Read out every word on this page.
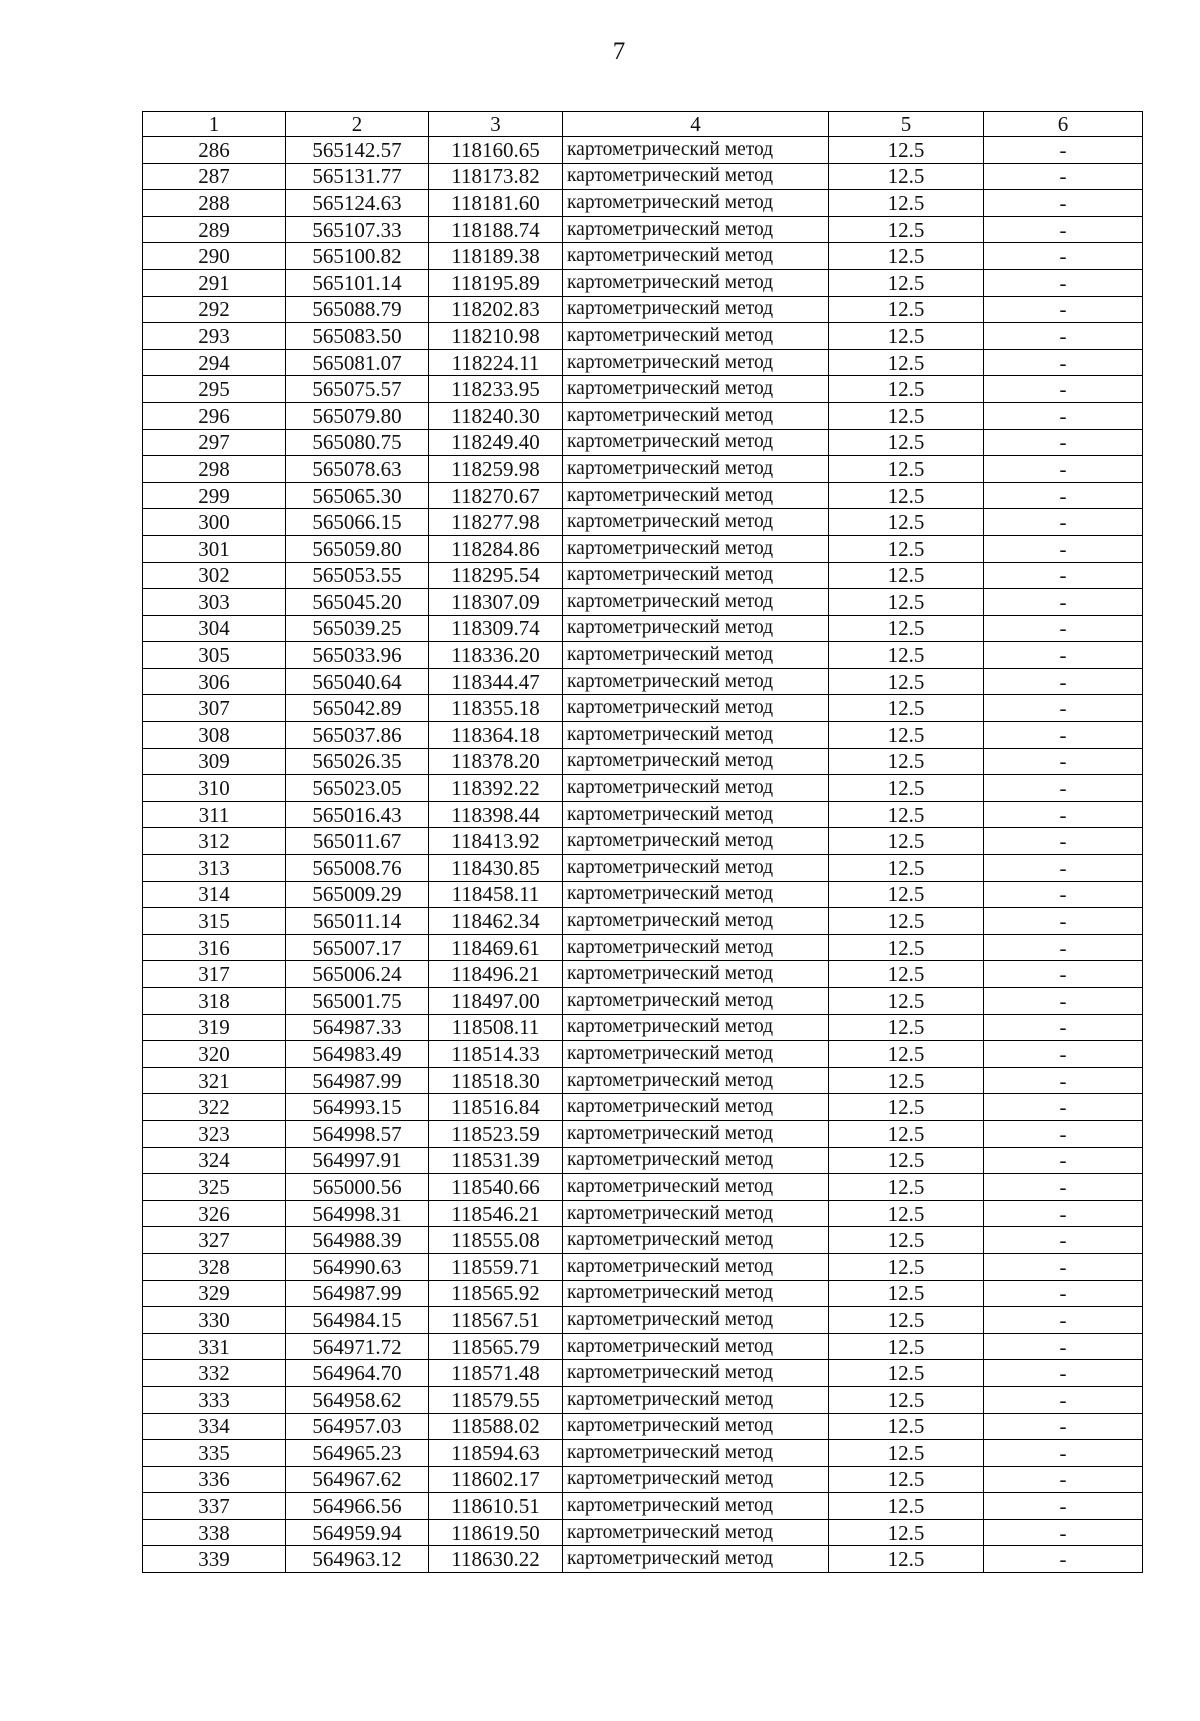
7
1	2	3	4	5	6
286	565142.57	118160.65	картометрический метод	12.5	-
287	565131.77	118173.82	картометрический метод	12.5	-
288	565124.63	118181.60	картометрический метод	12.5	-
289	565107.33	118188.74	картометрический метод	12.5	-
290	565100.82	118189.38	картометрический метод	12.5	-
291	565101.14	118195.89	картометрический метод	12.5	-
292	565088.79	118202.83	картометрический метод	12.5	-
293	565083.50	118210.98	картометрический метод	12.5	-
294	565081.07	118224.11	картометрический метод	12.5	-
295	565075.57	118233.95	картометрический метод	12.5	-
296	565079.80	118240.30	картометрический метод	12.5	-
297	565080.75	118249.40	картометрический метод	12.5	-
298	565078.63	118259.98	картометрический метод	12.5	-
299	565065.30	118270.67	картометрический метод	12.5	-
300	565066.15	118277.98	картометрический метод	12.5	-
301	565059.80	118284.86	картометрический метод	12.5	-
302	565053.55	118295.54	картометрический метод	12.5	-
303	565045.20	118307.09	картометрический метод	12.5	-
304	565039.25	118309.74	картометрический метод	12.5	-
305	565033.96	118336.20	картометрический метод	12.5	-
306	565040.64	118344.47	картометрический метод	12.5	-
307	565042.89	118355.18	картометрический метод	12.5	-
308	565037.86	118364.18	картометрический метод	12.5	-
309	565026.35	118378.20	картометрический метод	12.5	-
310	565023.05	118392.22	картометрический метод	12.5	-
311	565016.43	118398.44	картометрический метод	12.5	-
312	565011.67	118413.92	картометрический метод	12.5	-
313	565008.76	118430.85	картометрический метод	12.5	-
314	565009.29	118458.11	картометрический метод	12.5	-
315	565011.14	118462.34	картометрический метод	12.5	-
316	565007.17	118469.61	картометрический метод	12.5	-
317	565006.24	118496.21	картометрический метод	12.5	-
318	565001.75	118497.00	картометрический метод	12.5	-
319	564987.33	118508.11	картометрический метод	12.5	-
320	564983.49	118514.33	картометрический метод	12.5	-
321	564987.99	118518.30	картометрический метод	12.5	-
322	564993.15	118516.84	картометрический метод	12.5	-
323	564998.57	118523.59	картометрический метод	12.5	-
324	564997.91	118531.39	картометрический метод	12.5	-
325	565000.56	118540.66	картометрический метод	12.5	-
326	564998.31	118546.21	картометрический метод	12.5	-
327	564988.39	118555.08	картометрический метод	12.5	-
328	564990.63	118559.71	картометрический метод	12.5	-
329	564987.99	118565.92	картометрический метод	12.5	-
330	564984.15	118567.51	картометрический метод	12.5	-
331	564971.72	118565.79	картометрический метод	12.5	-
332	564964.70	118571.48	картометрический метод	12.5	-
333	564958.62	118579.55	картометрический метод	12.5	-
334	564957.03	118588.02	картометрический метод	12.5	-
335	564965.23	118594.63	картометрический метод	12.5	-
336	564967.62	118602.17	картометрический метод	12.5	-
337	564966.56	118610.51	картометрический метод	12.5	-
338	564959.94	118619.50	картометрический метод	12.5	-
339	564963.12	118630.22	картометрический метод	12.5	-
